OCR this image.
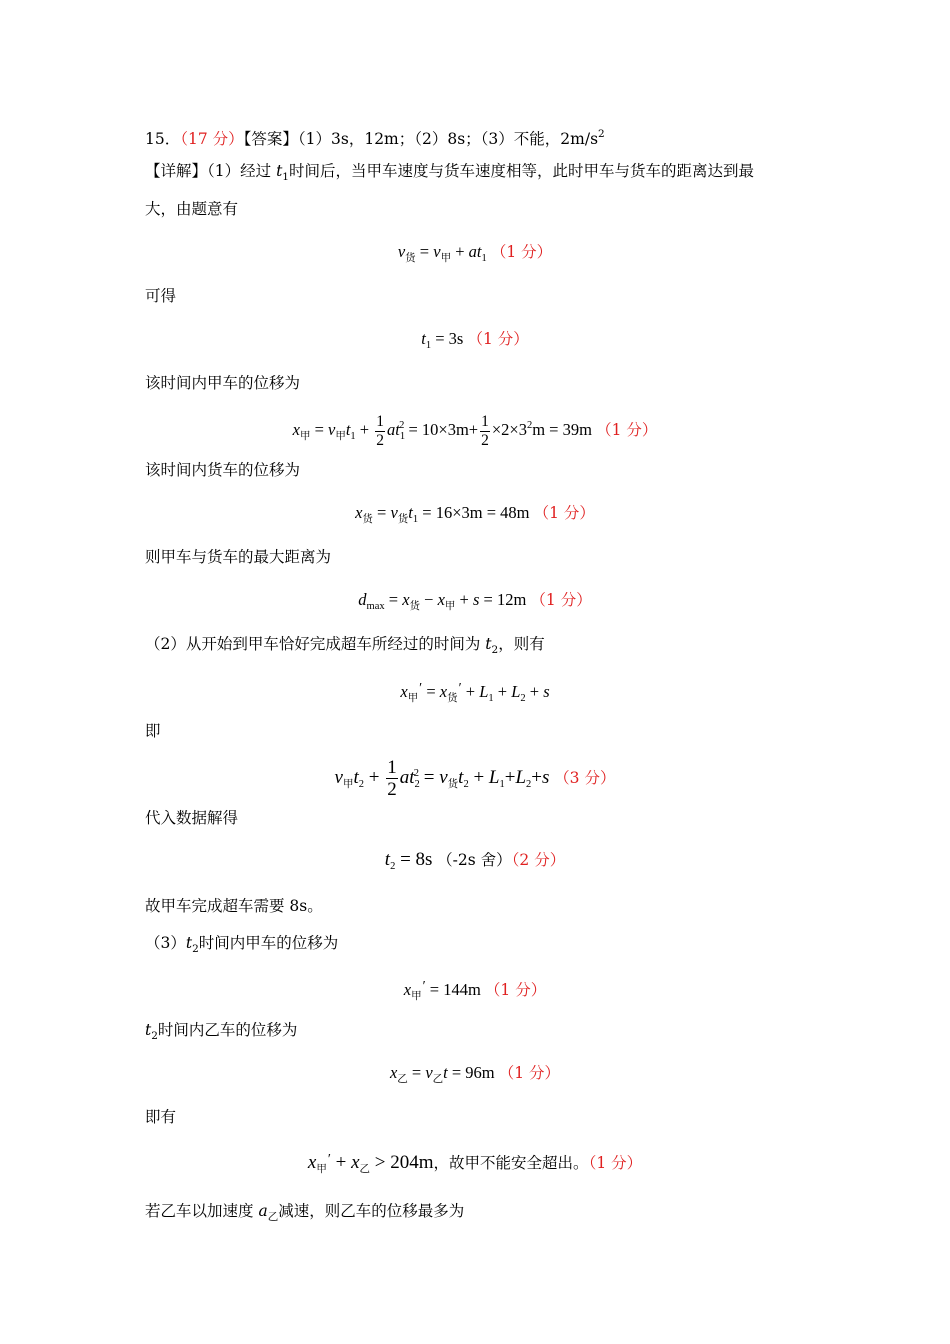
15．（17 分）【答案】（1）3s，12m；（2）8s；（3）不能，$2m/s^2$
【详解】（1）经过 $t_1$时间后，当甲车速度与货车速度相等，此时甲车与货车的距离达到最
大，由题意有
$v_货 = v_甲 + at_1$ （1 分）
可得
$t_1 = 3s$ （1 分）
该时间内甲车的位移为
$x_甲 = v_甲t_1 + \frac{1}{2} at_1^2 = 10\times 3m+ \frac{1}{2} \times 2\times 3^2m = 39m$ （1 分）
该时间内货车的位移为
$x_货 = v_货t_1 = 16\times 3m = 48m$ （1 分）
则甲车与货车的最大距离为
$d_{max} = x_货 - x_甲 + s = 12m$ （1 分）
（2）从开始到甲车恰好完成超车所经过的时间为 $t_2$，则有
$x_甲' = x_货' + L_1 + L_2 + s$
即
$v_甲t_2 + \frac{1}{2} at_2^2 = v_货t_2 + L_1+L_2+s$ （3 分）
代入数据解得
$t_2 = 8s$ （-2s 舍）（2 分）
故甲车完成超车需要 8s。
$(3)t_2$时间内甲车的位移为
$x_甲' = 144m$ （1 分）
$t_2$时间内乙车的位移为
$x_乙 = v_乙t = 96m$ （1 分）
即有
$x_甲' + x_乙 > 204m$，故甲不能安全超出。（1 分）
若乙车以加速度 $a_乙$减速，则乙车的位移最多为
